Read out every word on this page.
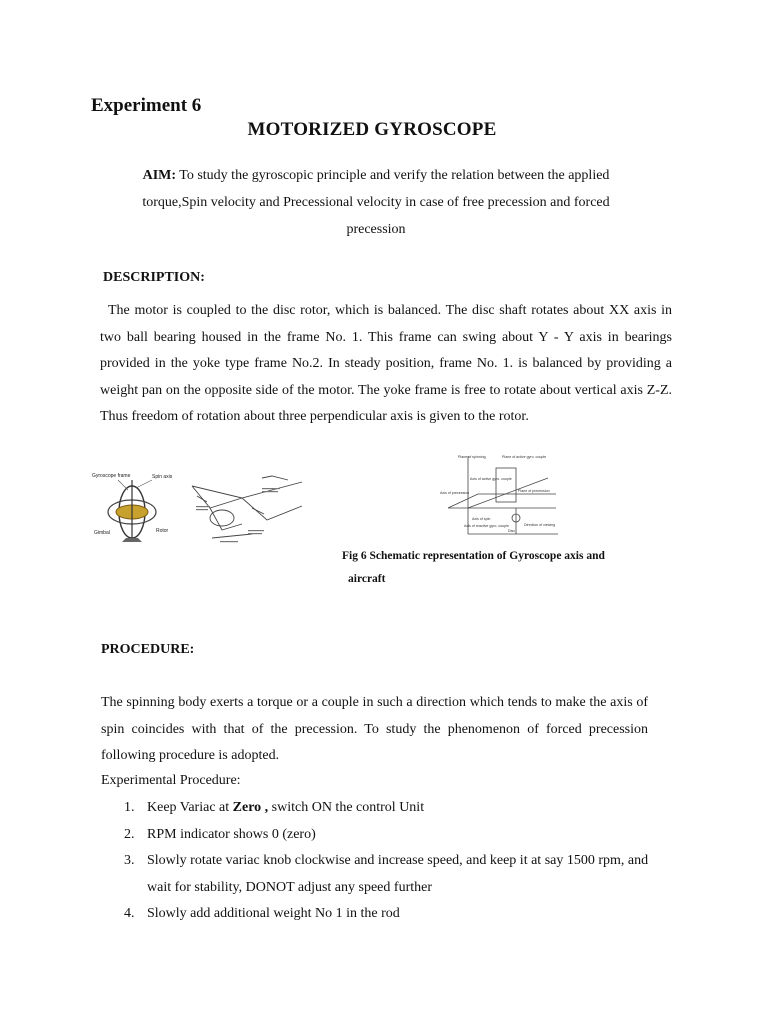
Experiment 6
MOTORIZED GYROSCOPE
AIM: To study the gyroscopic principle and verify the relation between the applied torque,Spin velocity and Precessional velocity in case of free precession and forced precession
DESCRIPTION:
The motor is coupled to the disc rotor, which is balanced. The disc shaft rotates about XX axis in two ball bearing housed in the frame No. 1. This frame can swing about Y - Y axis in bearings provided in the yoke type frame No.2. In steady position, frame No. 1. is balanced by providing a weight pan on the opposite side of the motor. The yoke frame is free to rotate about vertical axis Z-Z. Thus freedom of rotation about three perpendicular axis is given to the rotor.
Gyroscope frame	Spin axis
Gimbal	Rotor
Plane of spinning	Plane of active gyro. couple
Axis of active gyro. couple
Axis of precession	Plane of precession
Axis of spin
Axis of reactive gyro. couple
Disc
Direction of viewing
Fig 6 Schematic representation of Gyroscope axis and
aircraft
PROCEDURE:
The spinning body exerts a torque or a couple in such a direction which tends to make the axis of spin coincides with that of the precession. To study the phenomenon of forced precession following procedure is adopted.
Experimental Procedure:
1. Keep Variac at Zero , switch ON the control Unit
2. RPM indicator shows 0 (zero)
3. Slowly rotate variac knob clockwise and increase speed, and keep it at say 1500 rpm, and wait for stability, DONOT adjust any speed further
4. Slowly add additional weight No 1 in the rod
